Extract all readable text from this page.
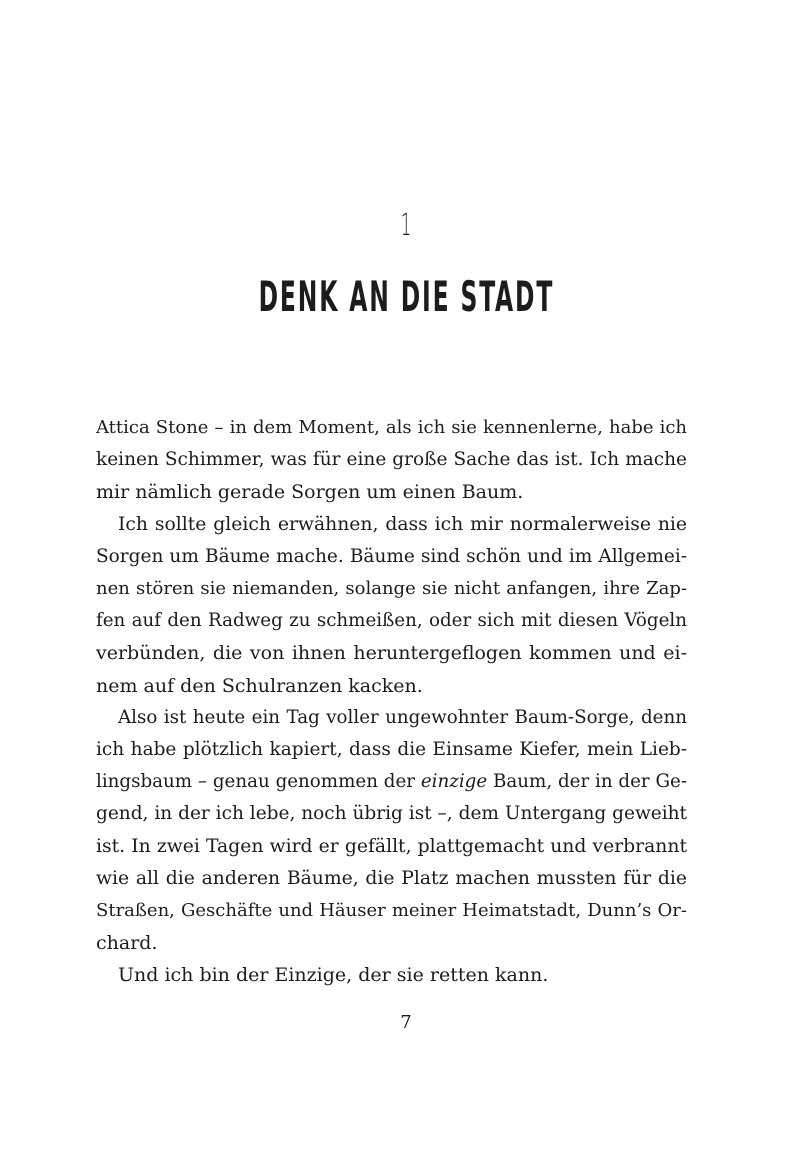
1
DENK AN DIE STADT
Attica Stone – in dem Moment, als ich sie kennenlerne, habe ich
keinen Schimmer, was für eine große Sache das ist. Ich mache
mir nämlich gerade Sorgen um einen Baum.
Ich sollte gleich erwähnen, dass ich mir normalerweise nie
Sorgen um Bäume mache. Bäume sind schön und im Allgemei-
nen stören sie niemanden, solange sie nicht anfangen, ihre Zap-
fen auf den Radweg zu schmeißen, oder sich mit diesen Vögeln
verbünden, die von ihnen heruntergeflogen kommen und ei-
nem auf den Schulranzen kacken.
Also ist heute ein Tag voller ungewohnter Baum-Sorge, denn
ich habe plötzlich kapiert, dass die Einsame Kiefer, mein Lieb-
lingsbaum – genau genommen der einzige Baum, der in der Ge-
gend, in der ich lebe, noch übrig ist –, dem Untergang geweiht
ist. In zwei Tagen wird er gefällt, plattgemacht und verbrannt
wie all die anderen Bäume, die Platz machen mussten für die
Straßen, Geschäfte und Häuser meiner Heimatstadt, Dunn’s Or-
chard.
Und ich bin der Einzige, der sie retten kann.
7
